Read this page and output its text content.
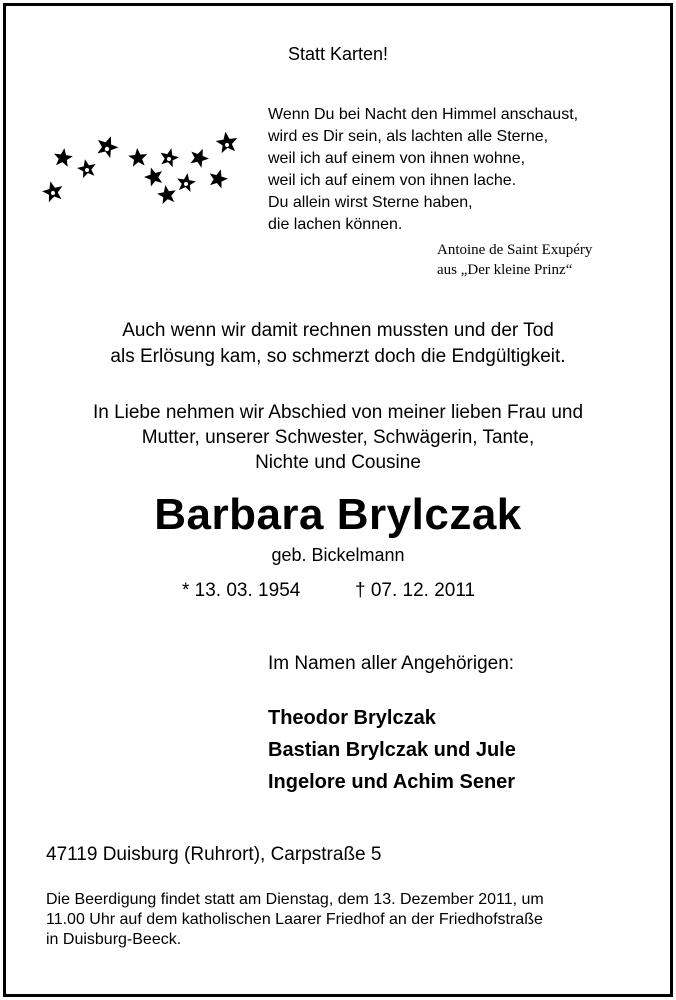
Statt Karten!
Wenn Du bei Nacht den Himmel anschaust,
wird es Dir sein, als lachten alle Sterne,
weil ich auf einem von ihnen wohne,
weil ich auf einem von ihnen lache.
Du allein wirst Sterne haben,
die lachen können.
Antoine de Saint Exupéry
aus „Der kleine Prinz“
Auch wenn wir damit rechnen mussten und der Tod
als Erlösung kam, so schmerzt doch die Endgültigkeit.
In Liebe nehmen wir Abschied von meiner lieben Frau und
Mutter, unserer Schwester, Schwägerin, Tante,
Nichte und Cousine
Barbara Brylczak
geb. Bickelmann
* 13. 03. 1954	† 07. 12. 2011
Im Namen aller Angehörigen:
Theodor Brylczak
Bastian Brylczak und Jule
Ingelore und Achim Sener
47119 Duisburg (Ruhrort), Carpstraße 5
Die Beerdigung findet statt am Dienstag, dem 13. Dezember 2011, um
11.00 Uhr auf dem katholischen Laarer Friedhof an der Friedhofstraße
in Duisburg-Beeck.
